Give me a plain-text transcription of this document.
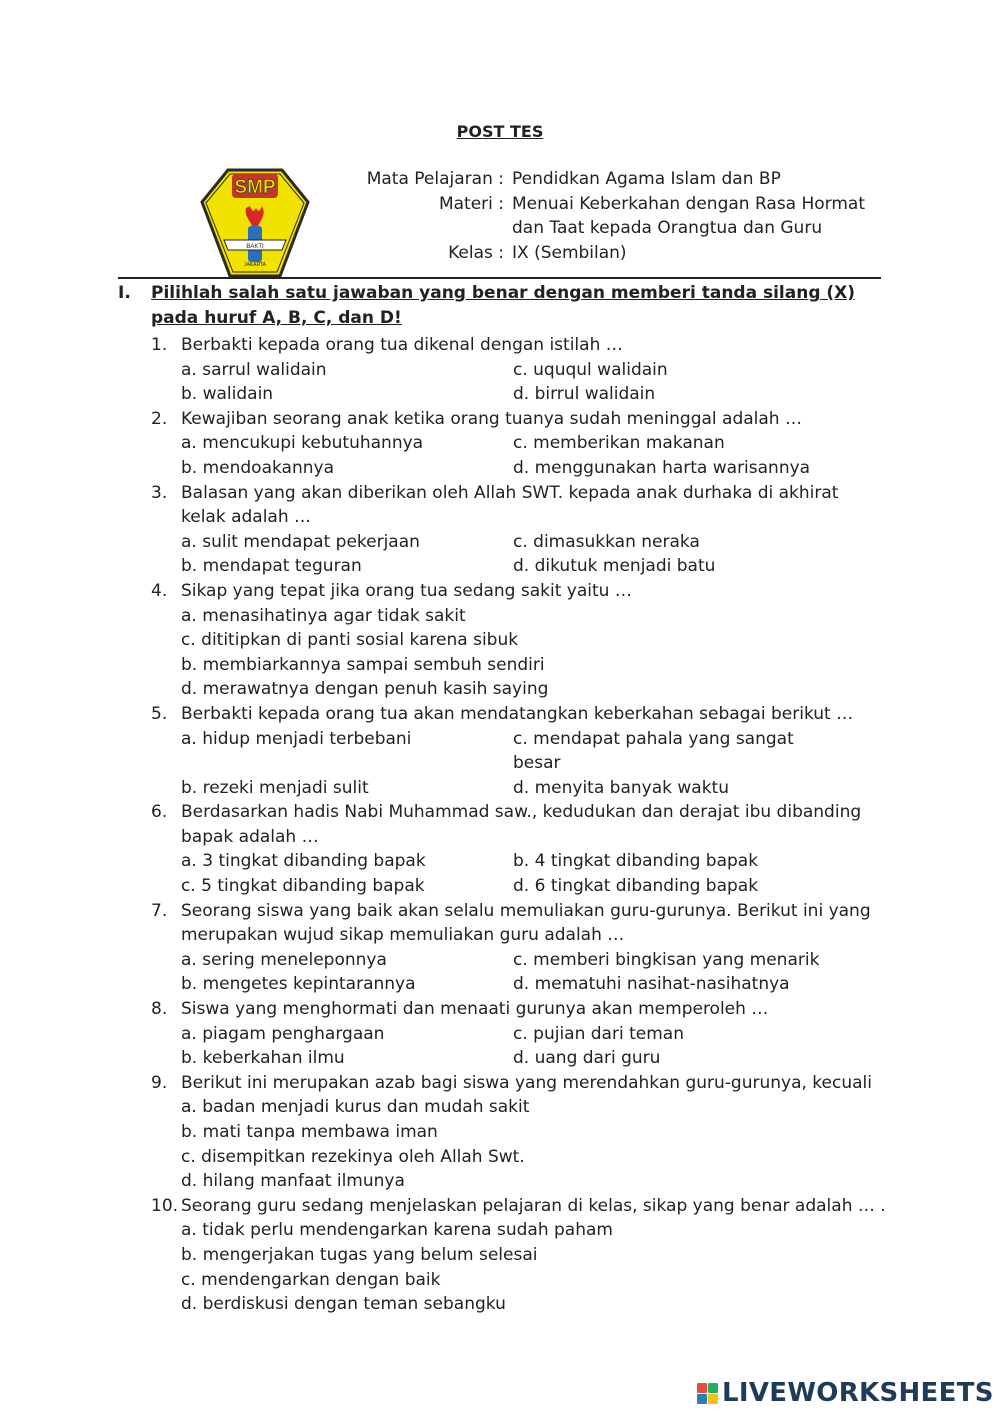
POST TES
SMP
BAKTI
JAKARTA
Mata Pelajaran : Pendidkan Agama Islam dan BP
Materi : Menuai Keberkahan dengan Rasa Hormat dan Taat kepada Orangtua dan Guru
Kelas : IX (Sembilan)
I.	Pilihlah salah satu jawaban yang benar dengan memberi tanda silang (X) pada huruf A, B, C, dan D!
1. Berbakti kepada orang tua dikenal dengan istilah …
a. sarrul walidain	c. uququl walidain
b. walidain	d. birrul walidain
2. Kewajiban seorang anak ketika orang tuanya sudah meninggal adalah …
a. mencukupi kebutuhannya	c. memberikan makanan
b. mendoakannya	d. menggunakan harta warisannya
3. Balasan yang akan diberikan oleh Allah SWT. kepada anak durhaka di akhirat kelak adalah …
a. sulit mendapat pekerjaan	c. dimasukkan neraka
b. mendapat teguran	d. dikutuk menjadi batu
4. Sikap yang tepat jika orang tua sedang sakit yaitu …
a. menasihatinya agar tidak sakit
c. dititipkan di panti sosial karena sibuk
b. membiarkannya sampai sembuh sendiri
d. merawatnya dengan penuh kasih saying
5. Berbakti kepada orang tua akan mendatangkan keberkahan sebagai berikut …
a. hidup menjadi terbebani	c. mendapat pahala yang sangat besar
b. rezeki menjadi sulit	d. menyita banyak waktu
6. Berdasarkan hadis Nabi Muhammad saw., kedudukan dan derajat ibu dibanding bapak adalah …
a. 3 tingkat dibanding bapak	b. 4 tingkat dibanding bapak
c. 5 tingkat dibanding bapak	d. 6 tingkat dibanding bapak
7. Seorang siswa yang baik akan selalu memuliakan guru-gurunya. Berikut ini yang merupakan wujud sikap memuliakan guru adalah …
a. sering meneleponnya	c. memberi bingkisan yang menarik
b. mengetes kepintarannya	d. mematuhi nasihat-nasihatnya
8. Siswa yang menghormati dan menaati gurunya akan memperoleh …
a. piagam penghargaan	c. pujian dari teman
b. keberkahan ilmu	d. uang dari guru
9. Berikut ini merupakan azab bagi siswa yang merendahkan guru-gurunya, kecuali
a. badan menjadi kurus dan mudah sakit
b. mati tanpa membawa iman
c. disempitkan rezekinya oleh Allah Swt.
d. hilang manfaat ilmunya
10. Seorang guru sedang menjelaskan pelajaran di kelas, sikap yang benar adalah … .
a. tidak perlu mendengarkan karena sudah paham
b. mengerjakan tugas yang belum selesai
c. mendengarkan dengan baik
d. berdiskusi dengan teman sebangku
LIVEWORKSHEETS
